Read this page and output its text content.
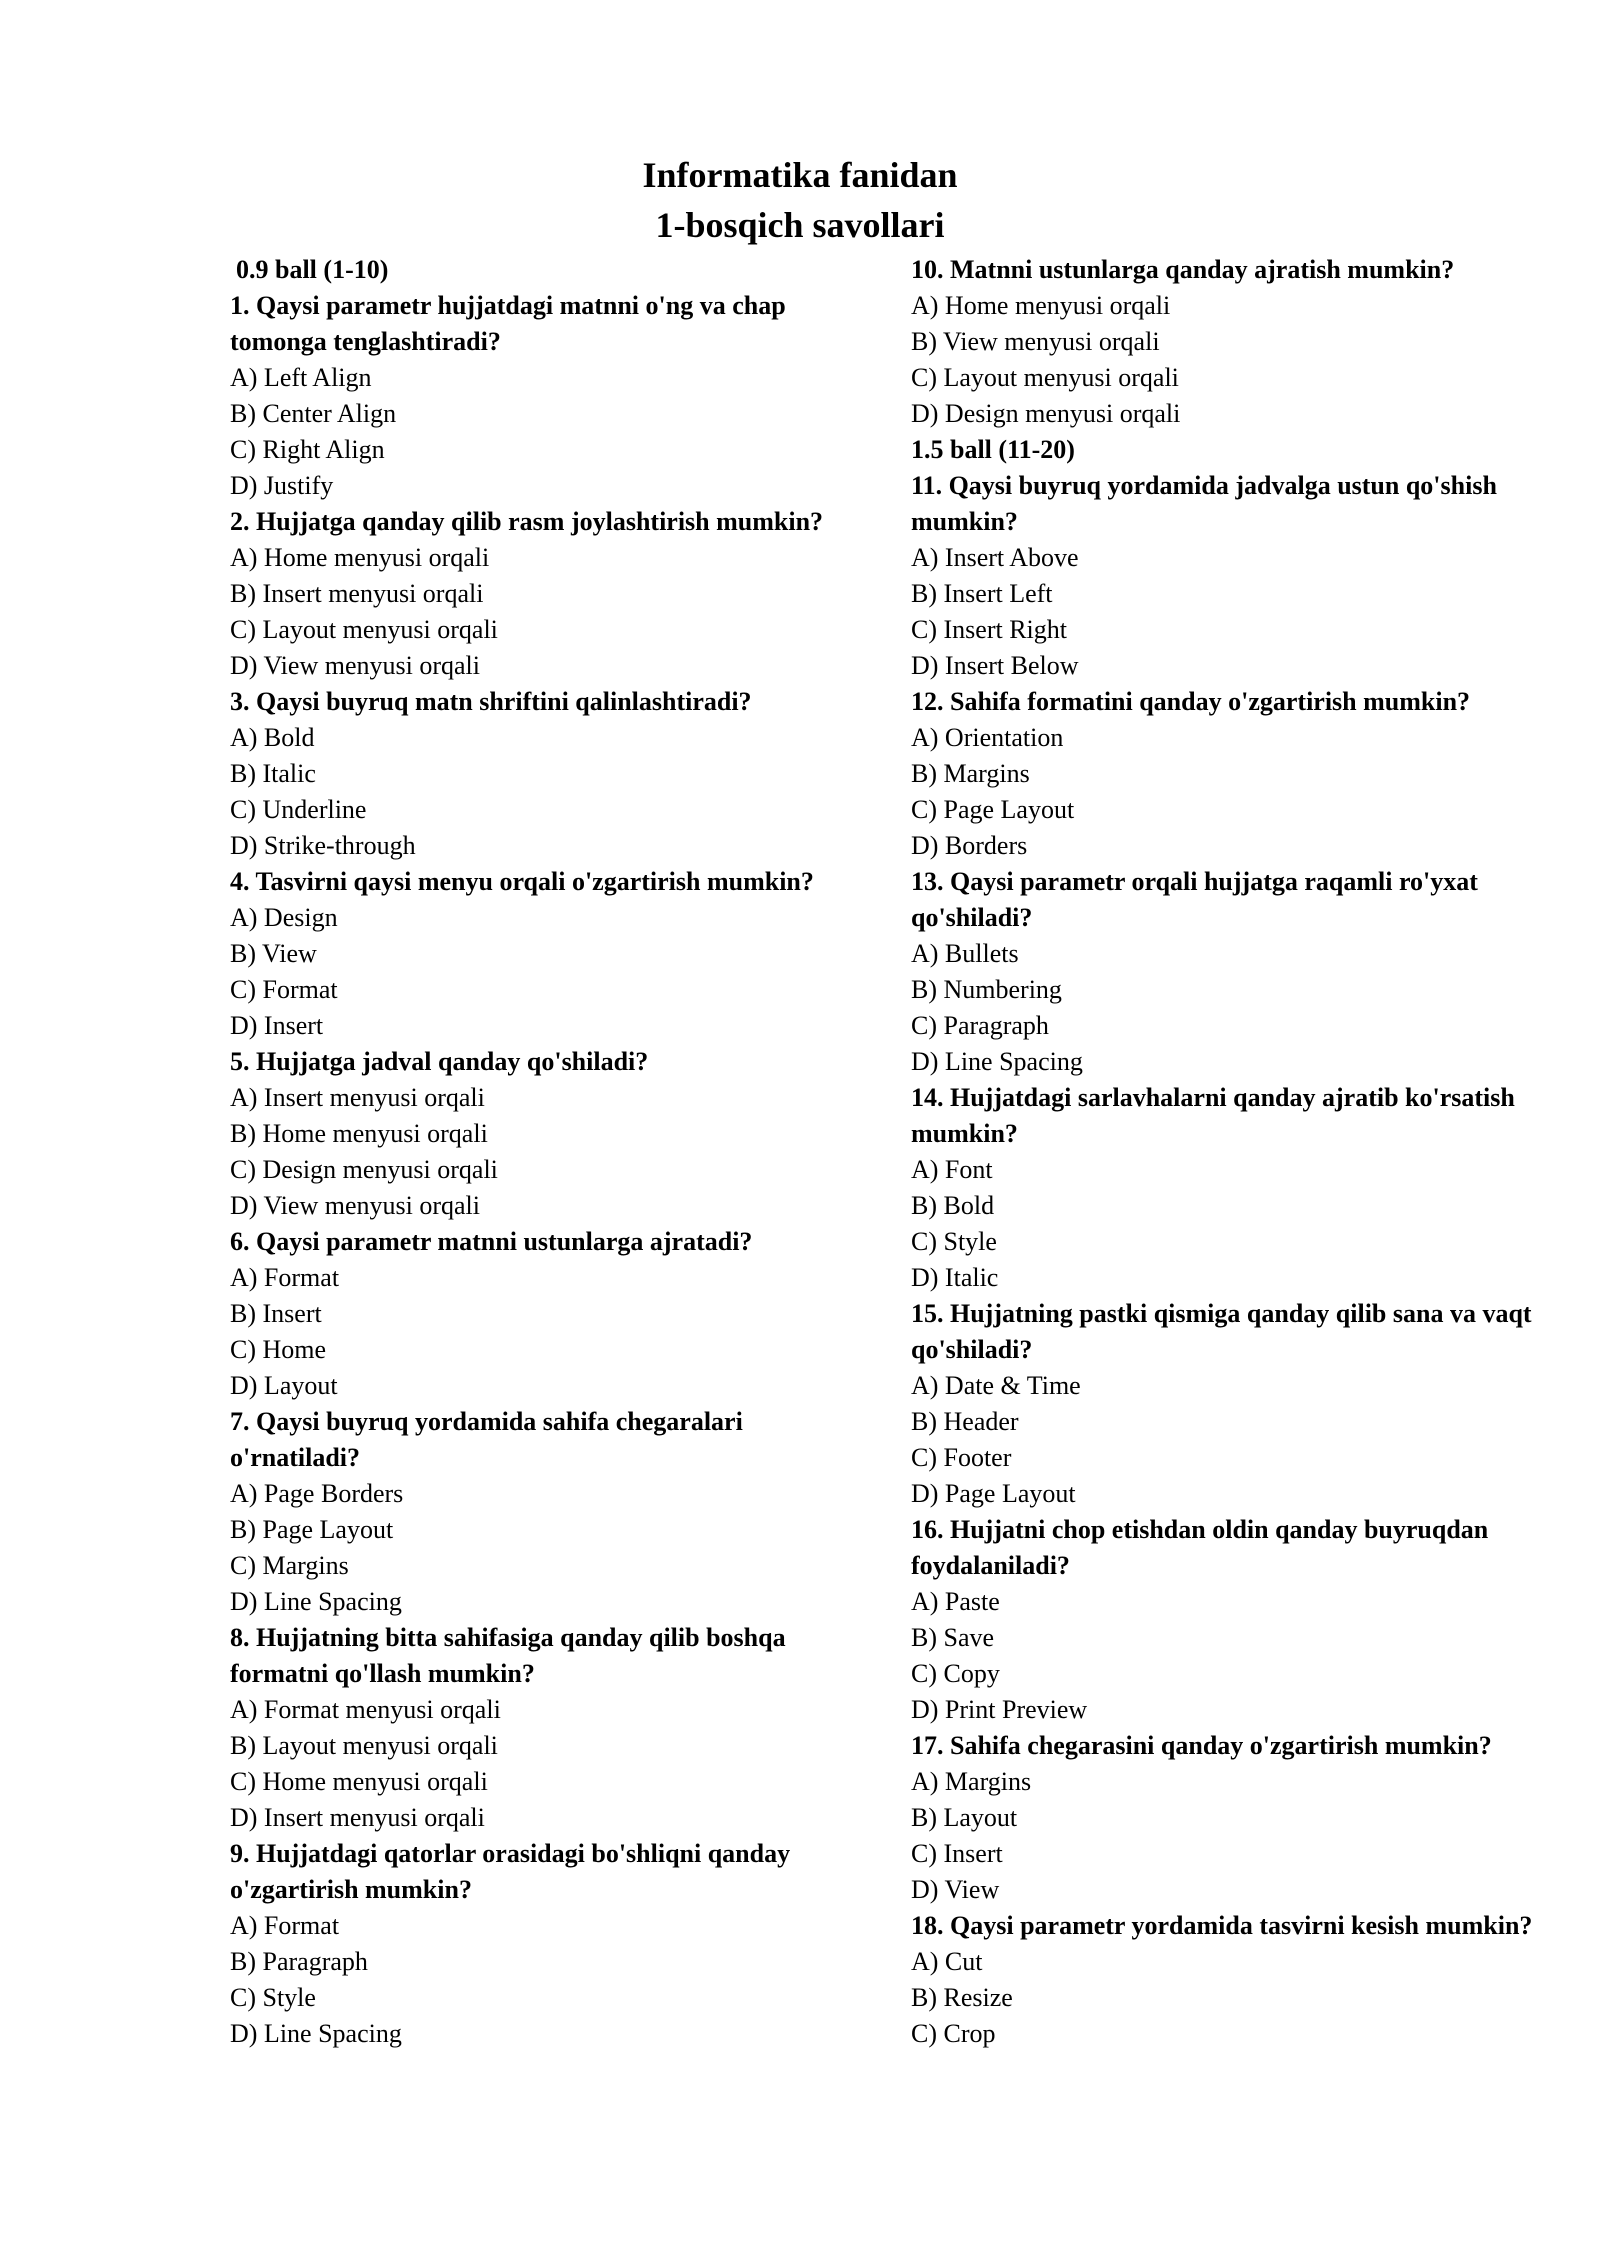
Informatika fanidan
1-bosqich savollari
0.9 ball (1-10)
1. Qaysi parametr hujjatdagi matnni o'ng va chap tomonga tenglashtiradi?
A) Left Align
B) Center Align
C) Right Align
D) Justify
2. Hujjatga qanday qilib rasm joylashtirish mumkin?
A) Home menyusi orqali
B) Insert menyusi orqali
C) Layout menyusi orqali
D) View menyusi orqali
3. Qaysi buyruq matn shriftini qalinlashtiradi?
A) Bold
B) Italic
C) Underline
D) Strike-through
4. Tasvirni qaysi menyu orqali o'zgartirish mumkin?
A) Design
B) View
C) Format
D) Insert
5. Hujjatga jadval qanday qo'shiladi?
A) Insert menyusi orqali
B) Home menyusi orqali
C) Design menyusi orqali
D) View menyusi orqali
6. Qaysi parametr matnni ustunlarga ajratadi?
A) Format
B) Insert
C) Home
D) Layout
7. Qaysi buyruq yordamida sahifa chegaralari o'rnatiladi?
A) Page Borders
B) Page Layout
C) Margins
D) Line Spacing
8. Hujjatning bitta sahifasiga qanday qilib boshqa formatni qo'llash mumkin?
A) Format menyusi orqali
B) Layout menyusi orqali
C) Home menyusi orqali
D) Insert menyusi orqali
9. Hujjatdagi qatorlar orasidagi bo'shliqni qanday o'zgartirish mumkin?
A) Format
B) Paragraph
C) Style
D) Line Spacing
10. Matnni ustunlarga qanday ajratish mumkin?
A) Home menyusi orqali
B) View menyusi orqali
C) Layout menyusi orqali
D) Design menyusi orqali
1.5 ball (11-20)
11. Qaysi buyruq yordamida jadvalga ustun qo'shish mumkin?
A) Insert Above
B) Insert Left
C) Insert Right
D) Insert Below
12. Sahifa formatini qanday o'zgartirish mumkin?
A) Orientation
B) Margins
C) Page Layout
D) Borders
13. Qaysi parametr orqali hujjatga raqamli ro'yxat qo'shiladi?
A) Bullets
B) Numbering
C) Paragraph
D) Line Spacing
14. Hujjatdagi sarlavhalarni qanday ajratib ko'rsatish mumkin?
A) Font
B) Bold
C) Style
D) Italic
15. Hujjatning pastki qismiga qanday qilib sana va vaqt qo'shiladi?
A) Date & Time
B) Header
C) Footer
D) Page Layout
16. Hujjatni chop etishdan oldin qanday buyruqdan foydalaniladi?
A) Paste
B) Save
C) Copy
D) Print Preview
17. Sahifa chegarasini qanday o'zgartirish mumkin?
A) Margins
B) Layout
C) Insert
D) View
18. Qaysi parametr yordamida tasvirni kesish mumkin?
A) Cut
B) Resize
C) Crop
